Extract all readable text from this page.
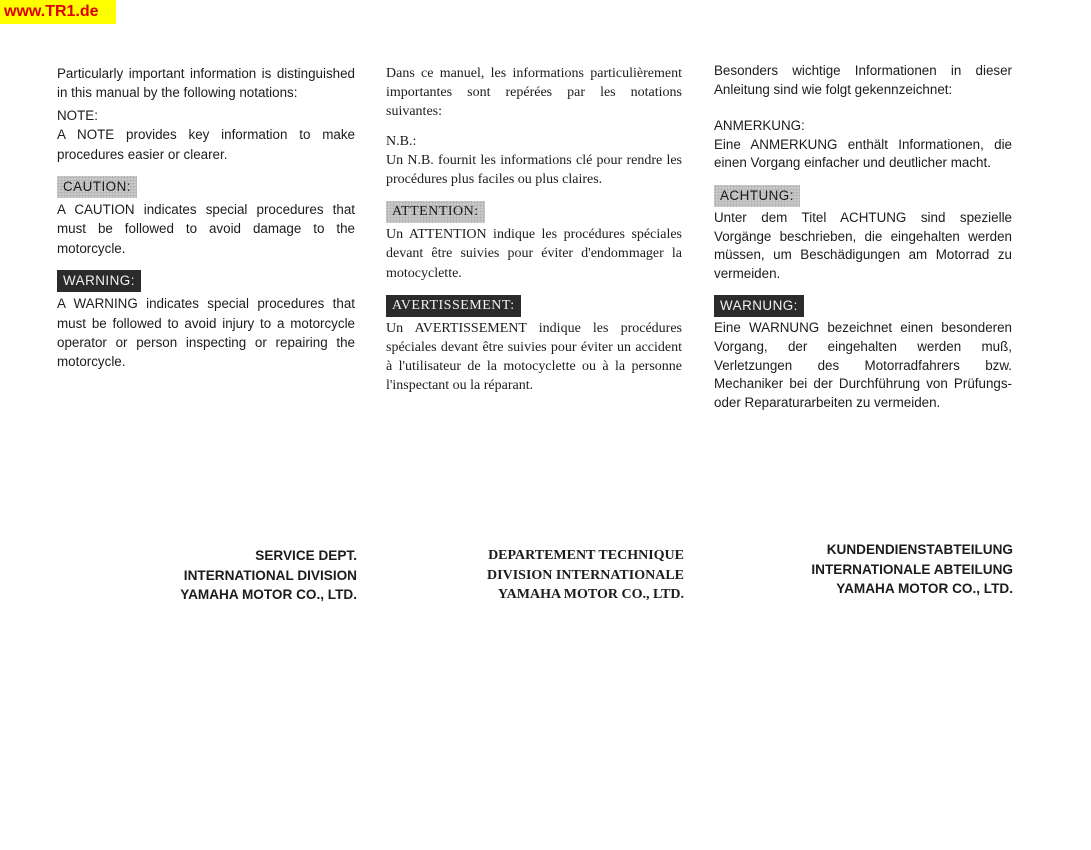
www.TR1.de

Particularly important information is distinguished in this manual by the following notations:

NOTE:

A NOTE provides key information to make procedures easier or clearer.

CAUTION:

A CAUTION indicates special procedures that must be followed to avoid damage to the motorcycle.

WARNING:

A WARNING indicates special procedures that must be followed to avoid injury to a motorcycle operator or person inspecting or repairing the motorcycle.

Dans ce manuel, les informations particulièrement importantes sont repérées par les notations suivantes:

N.B.:

Un N.B. fournit les informations clé pour rendre les procédures plus faciles ou plus claires.

ATTENTION:

Un ATTENTION indique les procédures spéciales devant être suivies pour éviter d'endommager la motocyclette.

AVERTISSEMENT:

Un AVERTISSEMENT indique les procédures spéciales devant être suivies pour éviter un accident à l'utilisateur de la motocyclette ou à la personne l'inspectant ou la réparant.

Besonders wichtige Informationen in dieser Anleitung sind wie folgt gekennzeichnet:

ANMERKUNG:

Eine ANMERKUNG enthält Informationen, die einen Vorgang einfacher und deutlicher macht.

ACHTUNG:

Unter dem Titel ACHTUNG sind spezielle Vorgänge beschrieben, die eingehalten werden müssen, um Beschädigungen am Motorrad zu vermeiden.

WARNUNG:

Eine WARNUNG bezeichnet einen besonderen Vorgang, der eingehalten werden muß, Verletzungen des Motorradfahrers bzw. Mechaniker bei der Durchführung von Prüfungs-oder Reparaturarbeiten zu vermeiden.

SERVICE DEPT.
INTERNATIONAL DIVISION
YAMAHA MOTOR CO., LTD.
DEPARTEMENT TECHNIQUE
DIVISION INTERNATIONALE
YAMAHA MOTOR CO., LTD.
KUNDENDIENSTABTEILUNG
INTERNATIONALE ABTEILUNG
YAMAHA MOTOR CO., LTD.
